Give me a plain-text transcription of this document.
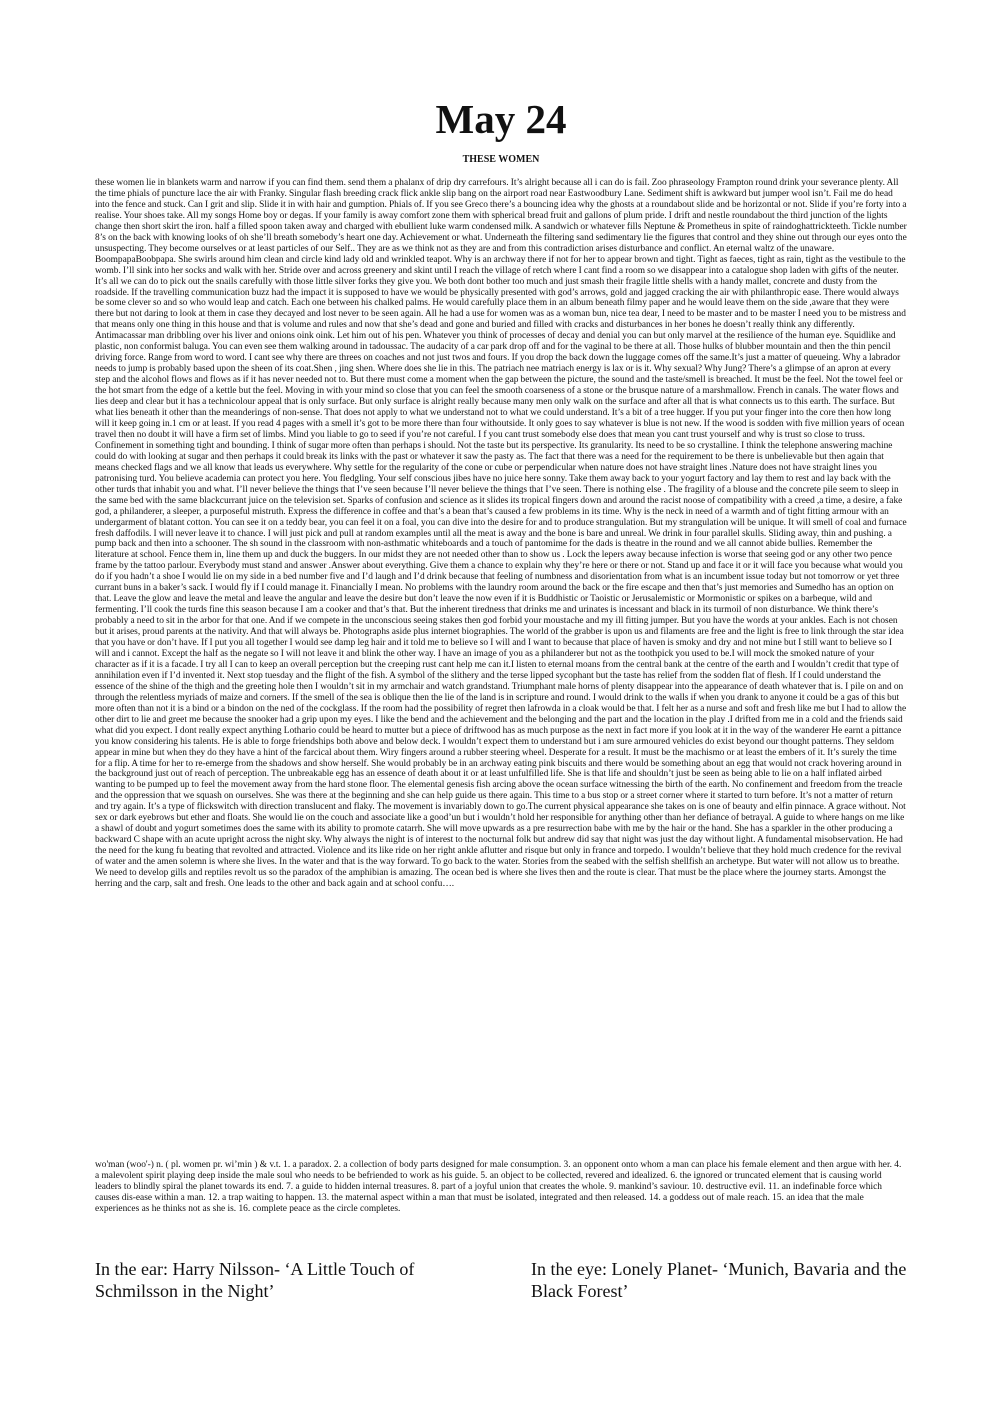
May 24
THESE WOMEN

these women lie in blankets warm and narrow if you can find them. send them a phalanx of drip dry carrefours. It’s alright because all i can do is fail. Zoo phraseology Frampton round drink your severance plenty. All the time phials of puncture lace the air with Franky. Singular flash breeding crack flick ankle slip bang on the airport road near Eastwoodbury Lane. Sediment shift is awkward but jumper wool isn’t. Fail me do head into the fence and stuck. Can I grit and slip. Slide it in with hair and gumption. Phials of. If you see Greco there’s a bouncing idea why the ghosts at a roundabout slide and be horizontal or not. Slide if you’re forty into a realise. Your shoes take. All my songs Home boy or degas. If your family is away comfort zone them with spherical bread fruit and gallons of plum pride. I drift and nestle roundabout the third junction of the lights change then short skirt the iron. half a filled spoon taken away and charged with ebullient luke warm condensed milk. A sandwich or whatever fills Neptune & Prometheus in spite of raindoghattrickteeth. Tickle number 8’s on the back with knowing looks of oh she’ll breath somebody’s heart one day. Achievement or what. Underneath the filtering sand sedimentary lie the figures that control and they shine out through our eyes onto the unsuspecting. They become ourselves or at least particles of our Self.. They are as we think not as they are and from this contradiction arises disturbance and conflict. An eternal waltz of the unaware. BoompapaBoobpapa. She swirls around him clean and circle kind lady old and wrinkled teapot. Why is an archway there if not for her to appear brown and tight. Tight as faeces, tight as rain, tight as the vestibule to the womb. I’ll sink into her socks and walk with her. Stride over and across greenery and skint until I reach the village of retch where I cant find a room so we disappear into a catalogue shop laden with gifts of the neuter. It’s all we can do to pick out the snails carefully with those little silver forks they give you. We both dont bother too much and just smash their fragile little shells with a handy mallet, concrete and dusty from the roadside. If the travelling communication buzz had the impact it is supposed to have we would be physically presented with god’s arrows, gold and jagged cracking the air with philanthropic ease. There would always be some clever so and so who would leap and catch. Each one between his chalked palms. He would carefully place them in an album beneath filmy paper and he would leave them on the side ,aware that they were there but not daring to look at them in case they decayed and lost never to be seen again. All he had a use for women was as a woman bun, nice tea dear, I need to be master and to be master I need you to be mistress and that means only one thing in this house and that is volume and rules and now that she’s dead and gone and buried and filled with cracks and disturbances in her bones he doesn’t really think any differently. Antimacassar man dribbling over his liver and onions oink oink. Let him out of his pen. Whatever you think of processes of decay and denial you can but only marvel at the resilience of the human eye. Squidlike and plastic, non conformist baluga. You can even see them walking around in tadoussac. The audacity of a car park drop off and for the vaginal to be there at all. Those hulks of blubber mountain and then the thin pencil driving force. Range from word to word. I cant see why there are threes on coaches and not just twos and fours. If you drop the back down the luggage comes off the same.It’s just a matter of queueing. Why a labrador needs to jump is probably based upon the sheen of its coat.Shen , jing shen. Where does she lie in this. The patriach nee matriach energy is lax or is it. Why sexual? Why Jung? There’s a glimpse of an apron at every step and the alcohol flows and flows as if it has never needed not to. But there must come a moment when the gap between the picture, the sound and the taste/smell is breached. It must be the feel. Not the towel feel or the hot smart from the edge of a kettle but the feel. Moving in with your mind so close that you can feel the smooth coarseness of a stone or the brusque nature of a marshmallow. French in canals. The water flows and lies deep and clear but it has a technicolour appeal that is only surface. But only surface is alright really because many men only walk on the surface and after all that is what connects us to this earth. The surface. But what lies beneath it other than the meanderings of non-sense. That does not apply to what we understand not to what we could understand. It’s a bit of a tree hugger. If you put your finger into the core then how long will it keep going in.1 cm or at least. If you read 4 pages with a smell it’s got to be more there than four withoutside. It only goes to say whatever is blue is not new. If the wood is sodden with five million years of ocean travel then no doubt it will have a firm set of limbs. Mind you liable to go to seed if you’re not careful. I f you cant trust somebody else does that mean you cant trust yourself and why is trust so close to truss. Confinement in something tight and bounding. I think of sugar more often than perhaps i should. Not the taste but its perspective. Its granularity. Its need to be so crystalline. I think the telephone answering machine could do with looking at sugar and then perhaps it could break its links with the past or whatever it saw the pasty as. The fact that there was a need for the requirement to be there is unbelievable but then again that means checked flags and we all know that leads us everywhere. Why settle for the regularity of the cone or cube or perpendicular when nature does not have straight lines .Nature does not have straight lines you patronising turd. You believe academia can protect you here. You fledgling. Your self conscious jibes have no juice here sonny. Take them away back to your yogurt factory and lay them to rest and lay back with the other turds that inhabit you and what. I’ll never believe the things that I’ve seen because I’ll never believe the things that I’ve seen. There is nothing else . The fragility of a blouse and the concrete pile seem to sleep in the same bed with the same blackcurrant juice on the television set. Sparks of confusion and science as it slides its tropical fingers down and around the racist noose of compatibility with a creed ,a time, a desire, a fake god, a philanderer, a sleeper, a purposeful mistruth. Express the difference in coffee and that’s a bean that’s caused a few problems in its time. Why is the neck in need of a warmth and of tight fitting armour with an undergarment of blatant cotton. You can see it on a teddy bear, you can feel it on a foal, you can dive into the desire for and to produce strangulation. But my strangulation will be unique. It will smell of coal and furnace fresh daffodils. I will never leave it to chance. I will just pick and pull at random examples until all the meat is away and the bone is bare and unreal. We drink in four parallel skulls. Sliding away, thin and pushing. a pump back and then into a schooner. The sh sound in the classroom with non-asthmatic whiteboards and a touch of pantomime for the dads is theatre in the round and we all cannot abide bullies. Remember the literature at school. Fence them in, line them up and duck the buggers. In our midst they are not needed other than to show us . Lock the lepers away because infection is worse that seeing god or any other two pence frame by the tattoo parlour. Everybody must stand and answer .Answer about everything. Give them a chance to explain why they’re here or there or not. Stand up and face it or it will face you because what would you do if you hadn’t a shoe I would lie on my side in a bed number five and I’d laugh and I’d drink because that feeling of numbness and disorientation from what is an incumbent issue today but not tomorrow or yet three currant buns in a baker’s sack. I would fly if I could manage it. Financially I mean. No problems with the laundry room around the back or the fire escape and then that’s just memories and Sumedho has an option on that. Leave the glow and leave the metal and leave the angular and leave the desire but don’t leave the now even if it is Buddhistic or Taoistic or Jerusalemistic or Mormonistic or spikes on a barbeque, wild and fermenting. I’ll cook the turds fine this season because I am a cooker and that’s that. But the inherent tiredness that drinks me and urinates is incessant and black in its turmoil of non disturbance. We think there’s probably a need to sit in the arbor for that one. And if we compete in the unconscious seeing stakes then god forbid your moustache and my ill fitting jumper. But you have the words at your ankles. Each is not chosen but it arises, proud parents at the nativity. And that will always be. Photographs aside plus internet biographies. The world of the grabber is upon us and filaments are free and the light is free to link through the star idea that you have or don’t have. If I put you all together I would see damp leg hair and it told me to believe so I will and I want to because that place of haven is smoky and dry and not mine but I still want to believe so I will and i cannot. Except the half as the negate so I will not leave it and blink the other way. I have an image of you as a philanderer but not as the toothpick you used to be.I will mock the smoked nature of your character as if it is a facade. I try all I can to keep an overall perception but the creeping rust cant help me can it.I listen to eternal moans from the central bank at the centre of the earth and I wouldn’t credit that type of annihilation even if I’d invented it. Next stop tuesday and the flight of the fish. A symbol of the slithery and the terse lipped sycophant but the taste has relief from the sodden flat of flesh. If I could understand the essence of the shine of the thigh and the greeting hole then I wouldn’t sit in my armchair and watch grandstand. Triumphant male horns of plenty disappear into the appearance of death whatever that is. I pile on and on through the relentless myriads of maize and corners. If the smell of the sea is oblique then the lie of the land is in scripture and round. I would drink to the walls if when you drank to anyone it could be a gas of this but more often than not it is a bind or a bindon on the ned of the cockglass. If the room had the possibility of regret then lafrowda in a cloak would be that. I felt her as a nurse and soft and fresh like me but I had to allow the other dirt to lie and greet me because the snooker had a grip upon my eyes. I like the bend and the achievement and the belonging and the part and the location in the play .I drifted from me in a cold and the friends said what did you expect. I dont really expect anything Lothario could be heard to mutter but a piece of driftwood has as much purpose as the next in fact more if you look at it in the way of the wanderer He earnt a pittance you know considering his talents. He is able to forge friendships both above and below deck. I wouldn’t expect them to understand but i am sure armoured vehicles do exist beyond our thought patterns. They seldom appear in mine but when they do they have a hint of the farcical about them. Wiry fingers around a rubber steering wheel. Desperate for a result. It must be the machismo or at least the embers of it. It’s surely the time for a flip. A time for her to re-emerge from the shadows and show herself. She would probably be in an archway eating pink biscuits and there would be something about an egg that would not crack hovering around in the background just out of reach of perception. The unbreakable egg has an essence of death about it or at least unfulfilled life. She is that life and shouldn’t just be seen as being able to lie on a half inflated airbed wanting to be pumped up to feel the movement away from the hard stone floor. The elemental genesis fish arcing above the ocean surface witnessing the birth of the earth. No confinement and freedom from the treacle and the oppression that we squash on ourselves. She was there at the beginning and she can help guide us there again. This time to a bus stop or a street corner where it started to turn before. It’s not a matter of return and try again. It’s a type of flickswitch with direction translucent and flaky. The movement is invariably down to go.The current physical appearance she takes on is one of beauty and elfin pinnace. A grace without. Not sex or dark eyebrows but ether and floats. She would lie on the couch and associate like a good’un but i wouldn’t hold her responsible for anything other than her defiance of betrayal. A guide to where hangs on me like a shawl of doubt and yogurt sometimes does the same with its ability to promote catarrh. She will move upwards as a pre resurrection babe with me by the hair or the hand. She has a sparkler in the other producing a backward C shape with an acute upright across the night sky. Why always the night is of interest to the nocturnal folk but andrew did say that night was just the day without light. A fundamental misobservation. He had the need for the kung fu beating that revolted and attracted. Violence and its like ride on her right ankle aflutter and risque but only in france and torpedo. I wouldn’t believe that they hold much credence for the revival of water and the amen solemn is where she lives. In the water and that is the way forward. To go back to the water. Stories from the seabed with the selfish shellfish an archetype. But water will not allow us to breathe. We need to develop gills and reptiles revolt us so the paradox of the amphibian is amazing. The ocean bed is where she lives then and the route is clear. That must be the place where the journey starts. Amongst the herring and the carp, salt and fresh. One leads to the other and back again and at school confu….

wo'man (woo'-) n. ( pl. women pr. wi’min ) & v.t. 1. a paradox. 2. a collection of body parts designed for male consumption. 3. an opponent onto whom a man can place his female element and then argue with her. 4. a malevolent spirit playing deep inside the male soul who needs to be befriended to work as his guide. 5. an object to be collected, revered and idealized. 6. the ignored or truncated element that is causing world leaders to blindly spiral the planet towards its end. 7. a guide to hidden internal treasures. 8. part of a joyful union that creates the whole. 9. mankind’s saviour. 10. destructive evil. 11. an indefinable force which causes dis-ease within a man. 12. a trap waiting to happen. 13. the maternal aspect within a man that must be isolated, integrated and then released. 14. a goddess out of male reach. 15. an idea that the male experiences as he thinks not as she is. 16. complete peace as the circle completes.

In the ear: Harry Nilsson- ‘A Little Touch of Schmilsson in the Night’

In the eye: Lonely Planet- ‘Munich, Bavaria and the Black Forest’
